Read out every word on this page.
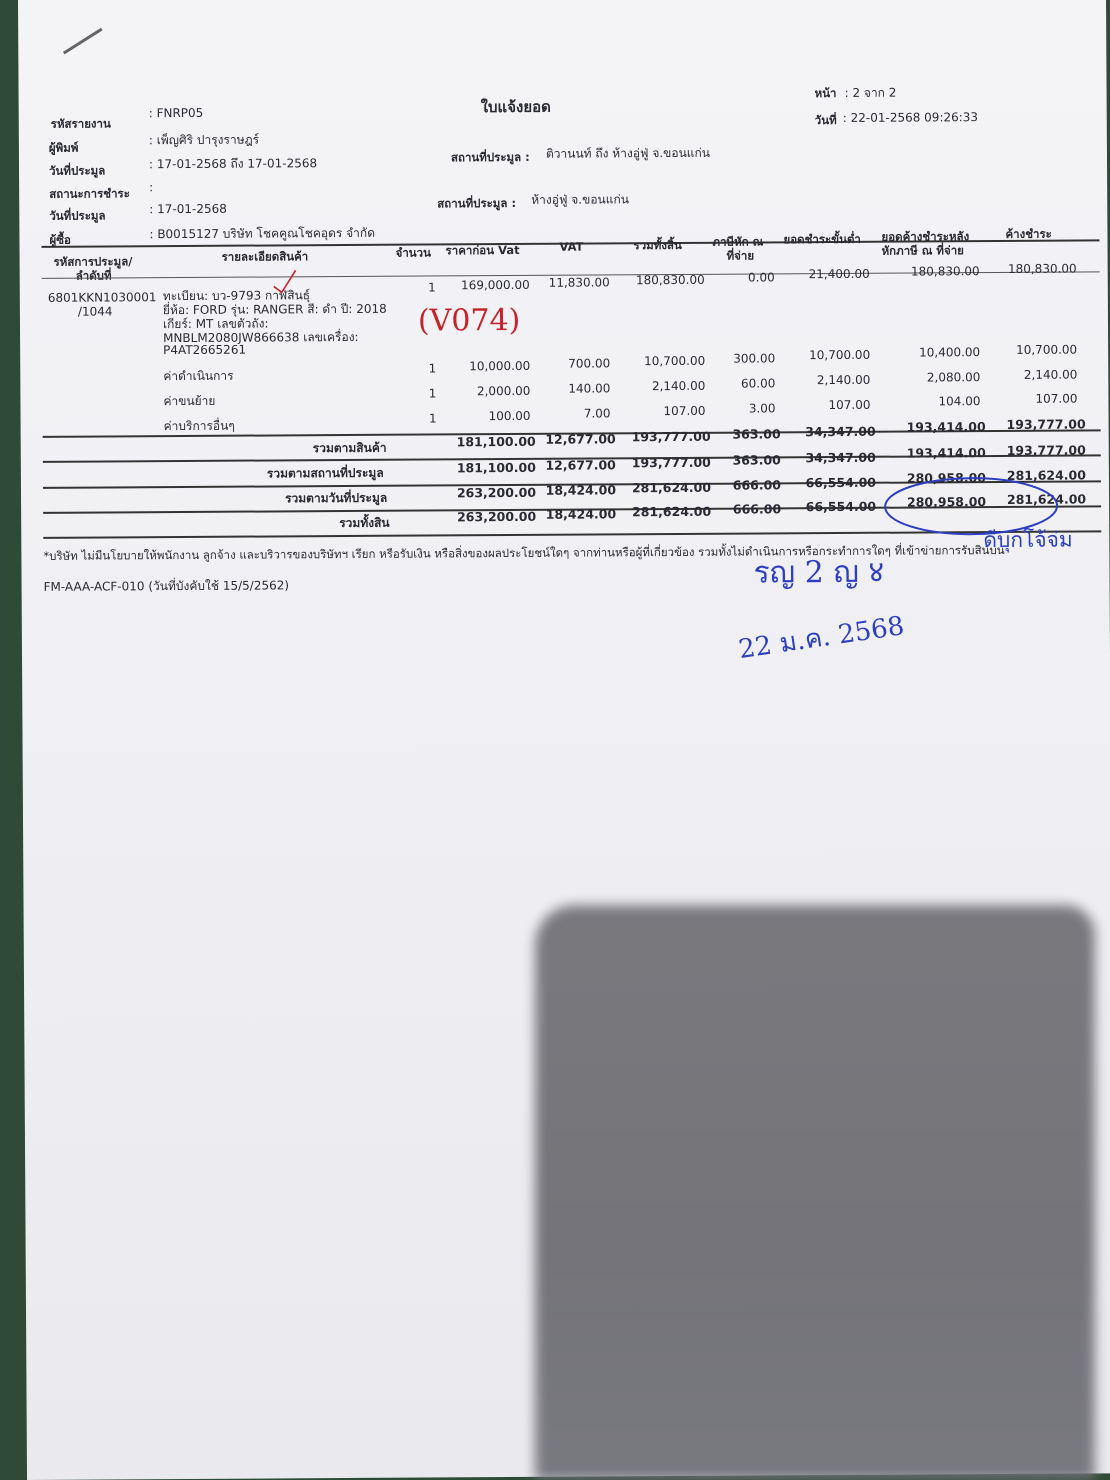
ใบแจ้งยอด
หน้า : 2 จาก 2
วันที่ : 22-01-2568 09:26:33
รหัสรายงาน
: FNRP05
ผู้พิมพ์
: เพ็ญศิริ ปารุงราษฎร์
วันที่ประมูล	: 17-01-2568 ถึง 17-01-2568	สถานที่ประมูล : ติวานนท์ ถึง ห้างอู่ฟู่ จ.ขอนแก่น
สถานะการชำระ :
วันที่ประมูล	: 17-01-2568	สถานที่ประมูล : ห้างอู่ฟู่ จ.ขอนแก่น
ผู้ซื้อ	: B0015127 บริษัท โชคคูณโชคอุดร จำกัด
รหัสการประมูล/
ลำดับที่
รายละเอียดสินค้า	จำนวน ราคาก่อน Vat	VAT	รวมทั้งสิ้น	ภาษีหัก ณ
ที่จ่าย
ยอดชำระขั้นต่ำ ยอดค้างชำระหลัง
หักภาษี ณ ที่จ่าย
ค้างชำระ
6801KKN1030001
/1044
ทะเบียน: บว-9793 กาฬสินธุ์
ยี่ห้อ: FORD รุ่น: RANGER สี: ดำ ปี: 2018
เกียร์: MT เลขตัวถัง:
MNBLM2080JW866638 เลขเครื่อง:
P4AT2665261
1	169,000.00	11,830.00	180,830.00	0.00	21,400.00	180,830.00	180,830.00
ค่าดำเนินการ
1	10,000.00	700.00	10,700.00	300.00	10,700.00	10,400.00	10,700.00
ค่าขนย้าย
1	2,000.00	140.00	2,140.00	60.00	2,140.00	2,080.00	2,140.00
ค่าบริการอื่นๆ
1	100.00	7.00	107.00	3.00	107.00	104.00	107.00
รวมตามสินค้า	181,100.00 12,677.00	193,777.00	363.00	34,347.00	193,414.00	193,777.00
รวมตามสถานที่ประมูล	181,100.00 12,677.00	193,777.00	363.00	34,347.00	193,414.00	193,777.00
รวมตามวันที่ประมูล	263,200.00 18,424.00	281,624.00	666.00	66,554.00	280,958.00	281,624.00
รวมทั้งสิน	263,200.00 18,424.00	281,624.00	666.00	66,554.00	280,958.00	281,624.00
*บริษัท ไม่มีนโยบายให้พนักงาน ลูกจ้าง และบริวารของบริษัทฯ เรียก หรือรับเงิน หรือสิ่งของผลประโยชน์ใดๆ จากท่านหรือผู้ที่เกี่ยวข้อง รวมทั้งไม่ดำเนินการหรือกระทำการใดๆ ที่เข้าข่ายการรับสินบน
FM-AAA-ACF-010 (วันที่บังคับใช้ 15/5/2562)
(V074)
รญ 2 ญ ४
ดีบุกโจ้จ่ม
22 ม.ค. 2568
